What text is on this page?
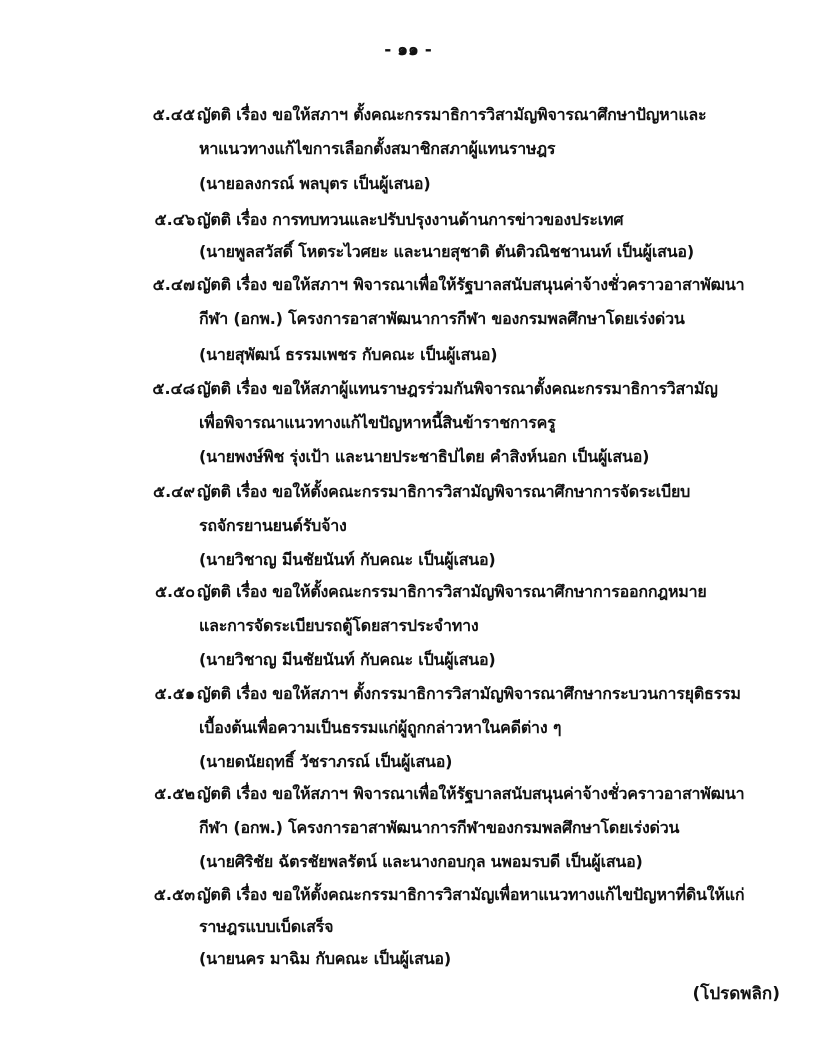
- ๑๑ -
๕.๔๕ ญัตติ เรื่อง ขอให้สภาฯ ตั้งคณะกรรมาธิการวิสามัญพิจารณาศึกษาปัญหาและ
หาแนวทางแก้ไขการเลือกตั้งสมาชิกสภาผู้แทนราษฎร
(นายอลงกรณ์ พลบุตร เป็นผู้เสนอ)
๕.๔๖ ญัตติ เรื่อง การทบทวนและปรับปรุงงานด้านการข่าวของประเทศ
(นายพูลสวัสดิ์ โหตระไวศยะ และนายสุชาติ ตันติวณิชชานนท์ เป็นผู้เสนอ)
๕.๔๗ ญัตติ เรื่อง ขอให้สภาฯ พิจารณาเพื่อให้รัฐบาลสนับสนุนค่าจ้างชั่วคราวอาสาพัฒนา
กีฬา (อกพ.) โครงการอาสาพัฒนาการกีฬา ของกรมพลศึกษาโดยเร่งด่วน
(นายสุพัฒน์ ธรรมเพชร กับคณะ เป็นผู้เสนอ)
๕.๔๘ ญัตติ เรื่อง ขอให้สภาผู้แทนราษฎรร่วมกันพิจารณาตั้งคณะกรรมาธิการวิสามัญ
เพื่อพิจารณาแนวทางแก้ไขปัญหาหนี้สินข้าราชการครู
(นายพงษ์พิช รุ่งเป้า และนายประชาธิปไตย คำสิงห์นอก เป็นผู้เสนอ)
๕.๔๙ ญัตติ เรื่อง ขอให้ตั้งคณะกรรมาธิการวิสามัญพิจารณาศึกษาการจัดระเบียบ
รถจักรยานยนต์รับจ้าง
(นายวิชาญ มีนชัยนันท์ กับคณะ เป็นผู้เสนอ)
๕.๕๐ ญัตติ เรื่อง ขอให้ตั้งคณะกรรมาธิการวิสามัญพิจารณาศึกษาการออกกฎหมาย
และการจัดระเบียบรถตู้โดยสารประจำทาง
(นายวิชาญ มีนชัยนันท์ กับคณะ เป็นผู้เสนอ)
๕.๕๑ ญัตติ เรื่อง ขอให้สภาฯ ตั้งกรรมาธิการวิสามัญพิจารณาศึกษากระบวนการยุติธรรม
เบื้องต้นเพื่อความเป็นธรรมแก่ผู้ถูกกล่าวหาในคดีต่าง ๆ
(นายดนัยฤทธิ์ วัชราภรณ์ เป็นผู้เสนอ)
๕.๕๒ ญัตติ เรื่อง ขอให้สภาฯ พิจารณาเพื่อให้รัฐบาลสนับสนุนค่าจ้างชั่วคราวอาสาพัฒนา
กีฬา (อกพ.) โครงการอาสาพัฒนาการกีฬาของกรมพลศึกษาโดยเร่งด่วน
(นายศิริชัย ฉัตรชัยพลรัตน์ และนางกอบกุล นพอมรบดี เป็นผู้เสนอ)
๕.๕๓ ญัตติ เรื่อง ขอให้ตั้งคณะกรรมาธิการวิสามัญเพื่อหาแนวทางแก้ไขปัญหาที่ดินให้แก่
ราษฎรแบบเบ็ดเสร็จ
(นายนคร มาฉิม กับคณะ เป็นผู้เสนอ)
(โปรดพลิก)
